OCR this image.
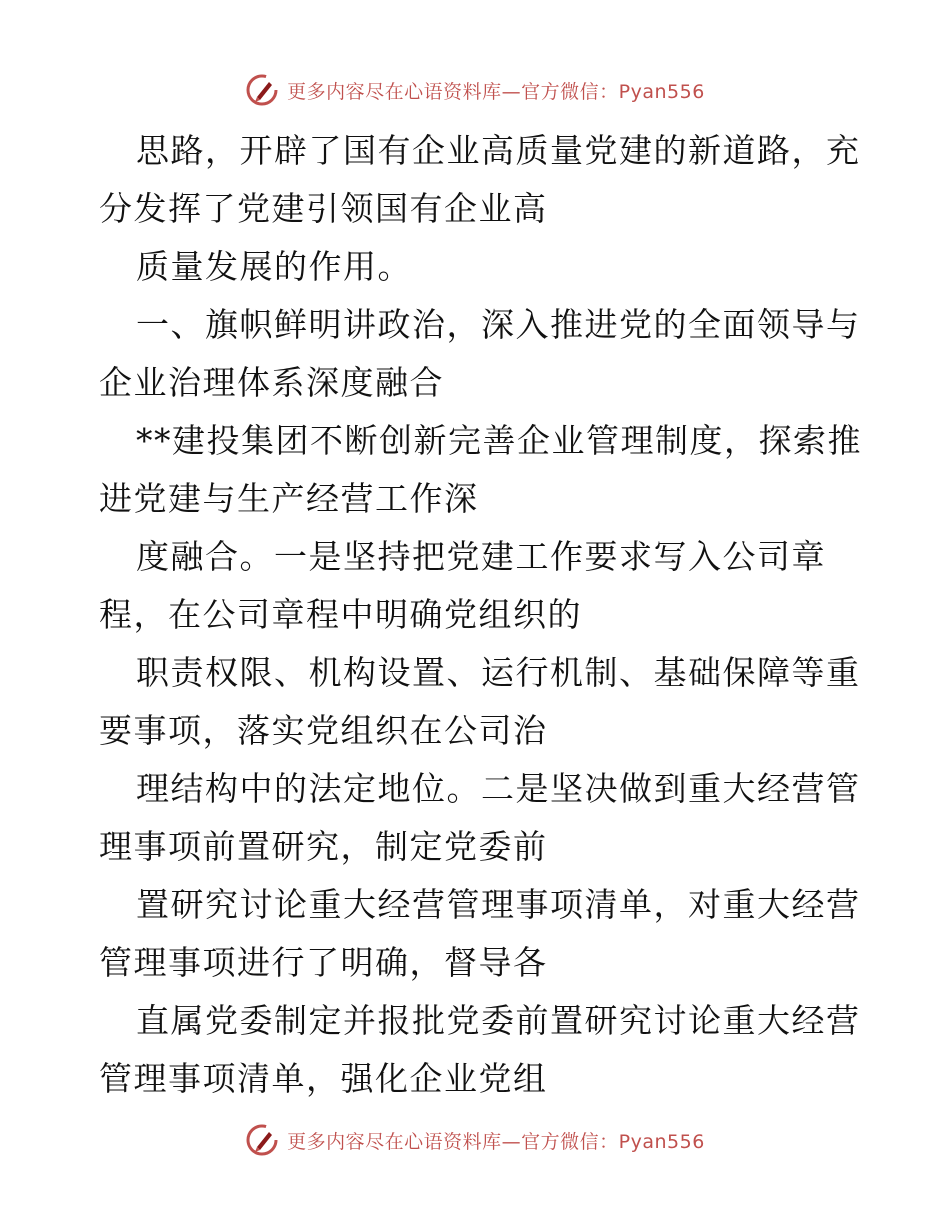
更多内容尽在心语资料库—官方微信：Pyan556
思路，开辟了国有企业高质量党建的新道路，充
分发挥了党建引领国有企业高
质量发展的作用。
一、旗帜鲜明讲政治，深入推进党的全面领导与
企业治理体系深度融合
**建投集团不断创新完善企业管理制度，探索推
进党建与生产经营工作深
度融合。一是坚持把党建工作要求写入公司章
程，在公司章程中明确党组织的
职责权限、机构设置、运行机制、基础保障等重
要事项，落实党组织在公司治
理结构中的法定地位。二是坚决做到重大经营管
理事项前置研究，制定党委前
置研究讨论重大经营管理事项清单，对重大经营
管理事项进行了明确，督导各
直属党委制定并报批党委前置研究讨论重大经营
管理事项清单，强化企业党组
更多内容尽在心语资料库—官方微信：Pyan556
